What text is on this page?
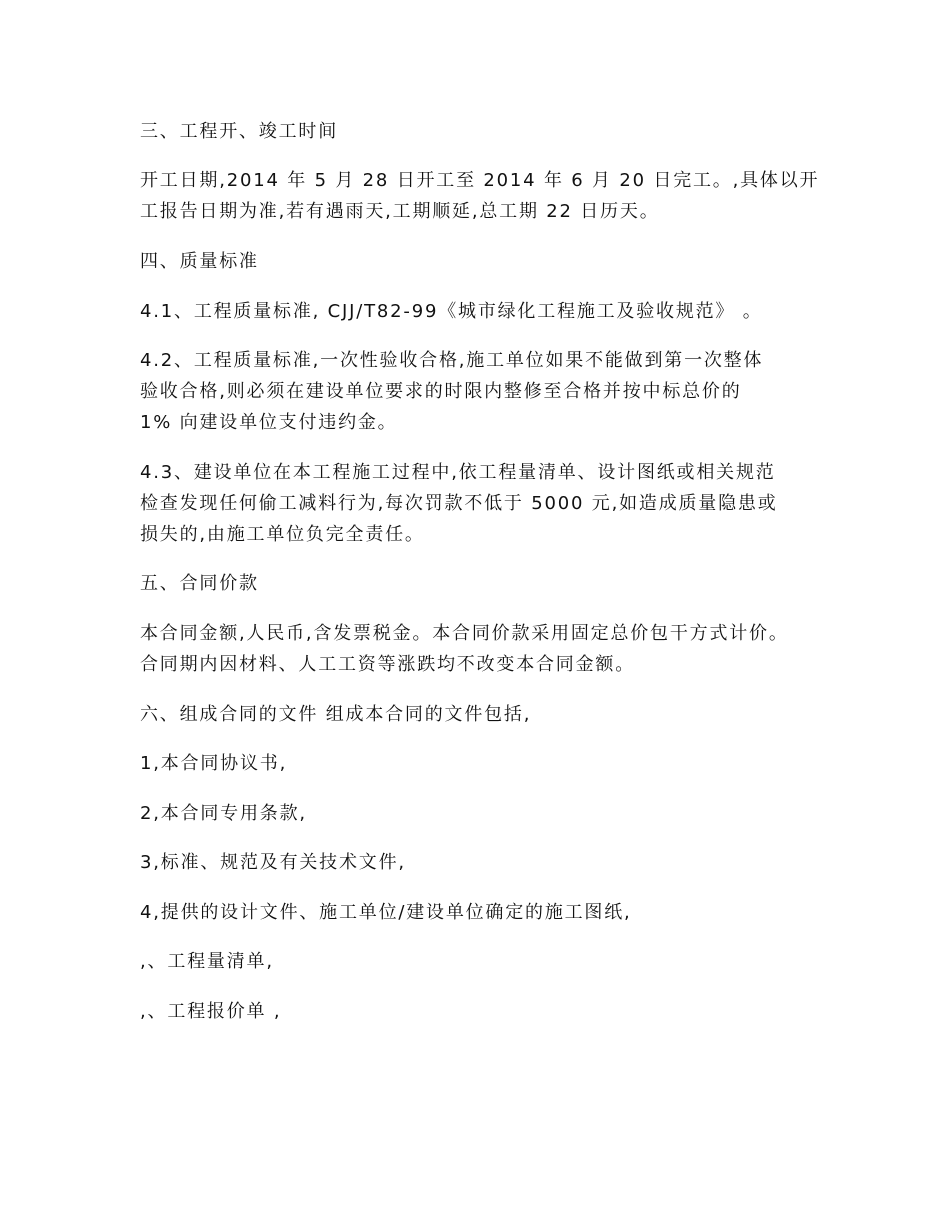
三、工程开、竣工时间

开工日期,2014 年 5 月 28 日开工至 2014 年 6 月 20 日完工。,具体以开
工报告日期为准,若有遇雨天,工期顺延,总工期 22 日历天。

四、质量标准

4.1、工程质量标准, CJJ/T82-99《城市绿化工程施工及验收规范》 。

4.2、工程质量标准,一次性验收合格,施工单位如果不能做到第一次整体
验收合格,则必须在建设单位要求的时限内整修至合格并按中标总价的
1% 向建设单位支付违约金。

4.3、建设单位在本工程施工过程中,依工程量清单、设计图纸或相关规范
检查发现任何偷工减料行为,每次罚款不低于 5000 元,如造成质量隐患或
损失的,由施工单位负完全责任。

五、合同价款

本合同金额,人民币,含发票税金。本合同价款采用固定总价包干方式计价。
合同期内因材料、人工工资等涨跌均不改变本合同金额。

六、组成合同的文件 组成本合同的文件包括,

1,本合同协议书,

2,本合同专用条款,

3,标准、规范及有关技术文件,

4,提供的设计文件、施工单位/建设单位确定的施工图纸,

,、工程量清单,

,、工程报价单 ,
